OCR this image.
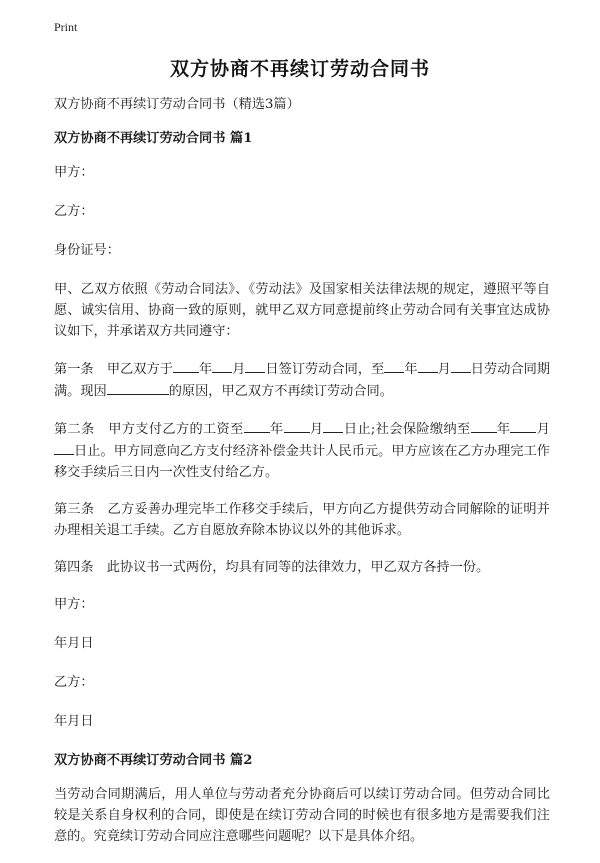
Print
双方协商不再续订劳动合同书

双方协商不再续订劳动合同书（精选3篇）

双方协商不再续订劳动合同书 篇1

甲方：

乙方：

身份证号：

甲、乙双方依照《劳动合同法》、《劳动法》及国家相关法律法规的规定，遵照平等自愿、诚实信用、协商一致的原则，就甲乙双方同意提前终止劳动合同有关事宜达成协议如下，并承诺双方共同遵守：

第一条　 甲乙双方于 年 月 日签订劳动合同，至 年 月 日劳动合同期满。现因	的原因，甲乙双方不再续订劳动合同。

第二条　 甲方支付乙方的工资至 年 月 日止;社会保险缴纳至 年 月日止。甲方同意向乙方支付经济补偿金共计人民币元。甲方应该在乙方办理完工作移交手续后三日内一次性支付给乙方。

第三条　乙方妥善办理完毕工作移交手续后，甲方向乙方提供劳动合同解除的证明并办理相关退工手续。乙方自愿放弃除本协议以外的其他诉求。

第四条　此协议书一式两份，均具有同等的法律效力，甲乙双方各持一份。

甲方：

年月日

乙方：

年月日

双方协商不再续订劳动合同书 篇2

当劳动合同期满后，用人单位与劳动者充分协商后可以续订劳动合同。但劳动合同比较是关系自身权利的合同，即使是在续订劳动合同的时候也有很多地方是需要我们注意的。究竟续订劳动合同应注意哪些问题呢？以下是具体介绍。
